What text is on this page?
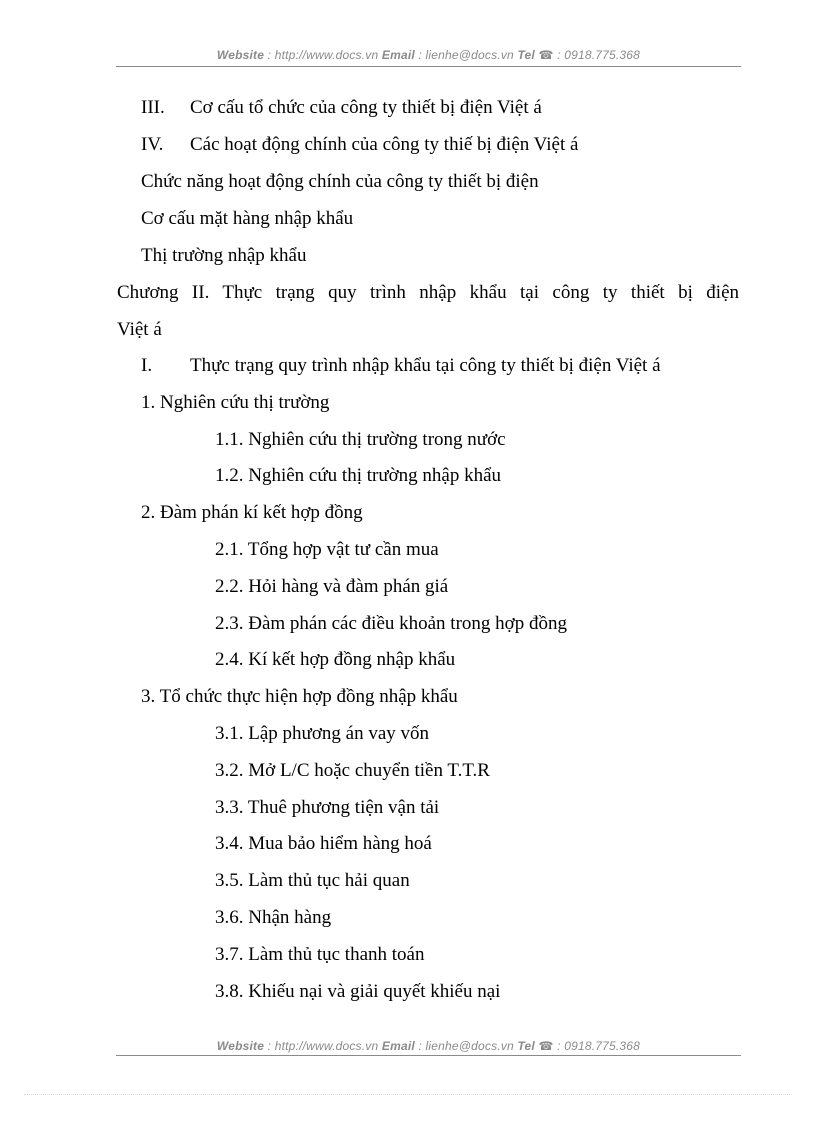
Website : http://www.docs.vn Email : lienhe@docs.vn Tel ☎ : 0918.775.368
III. Cơ cấu tổ chức của công ty thiết bị điện Việt á
IV. Các hoạt động chính của công ty thiế bị điện Việt á
Chức năng hoạt động chính của công ty thiết bị điện
Cơ cấu mặt hàng nhập khẩu
Thị trường nhập khẩu
Chương II. Thực trạng quy trình nhập khẩu tại công ty thiết bị điện
Việt á
I. Thực trạng quy trình nhập khẩu tại công ty thiết bị điện Việt á
1. Nghiên cứu thị trường
1.1. Nghiên cứu thị trường trong nước
1.2. Nghiên cứu thị trường nhập khẩu
2. Đàm phán kí kết hợp đồng
2.1. Tổng hợp vật tư cần mua
2.2. Hỏi hàng và đàm phán giá
2.3. Đàm phán các điều khoản trong hợp đồng
2.4. Kí kết hợp đồng nhập khẩu
3. Tổ chức thực hiện hợp đồng nhập khẩu
3.1. Lập phương án vay vốn
3.2. Mở L/C hoặc chuyển tiền T.T.R
3.3. Thuê phương tiện vận tải
3.4. Mua bảo hiểm hàng hoá
3.5. Làm thủ tục hải quan
3.6. Nhận hàng
3.7. Làm thủ tục thanh toán
3.8. Khiếu nại và giải quyết khiếu nại
Website : http://www.docs.vn Email : lienhe@docs.vn Tel ☎ : 0918.775.368
